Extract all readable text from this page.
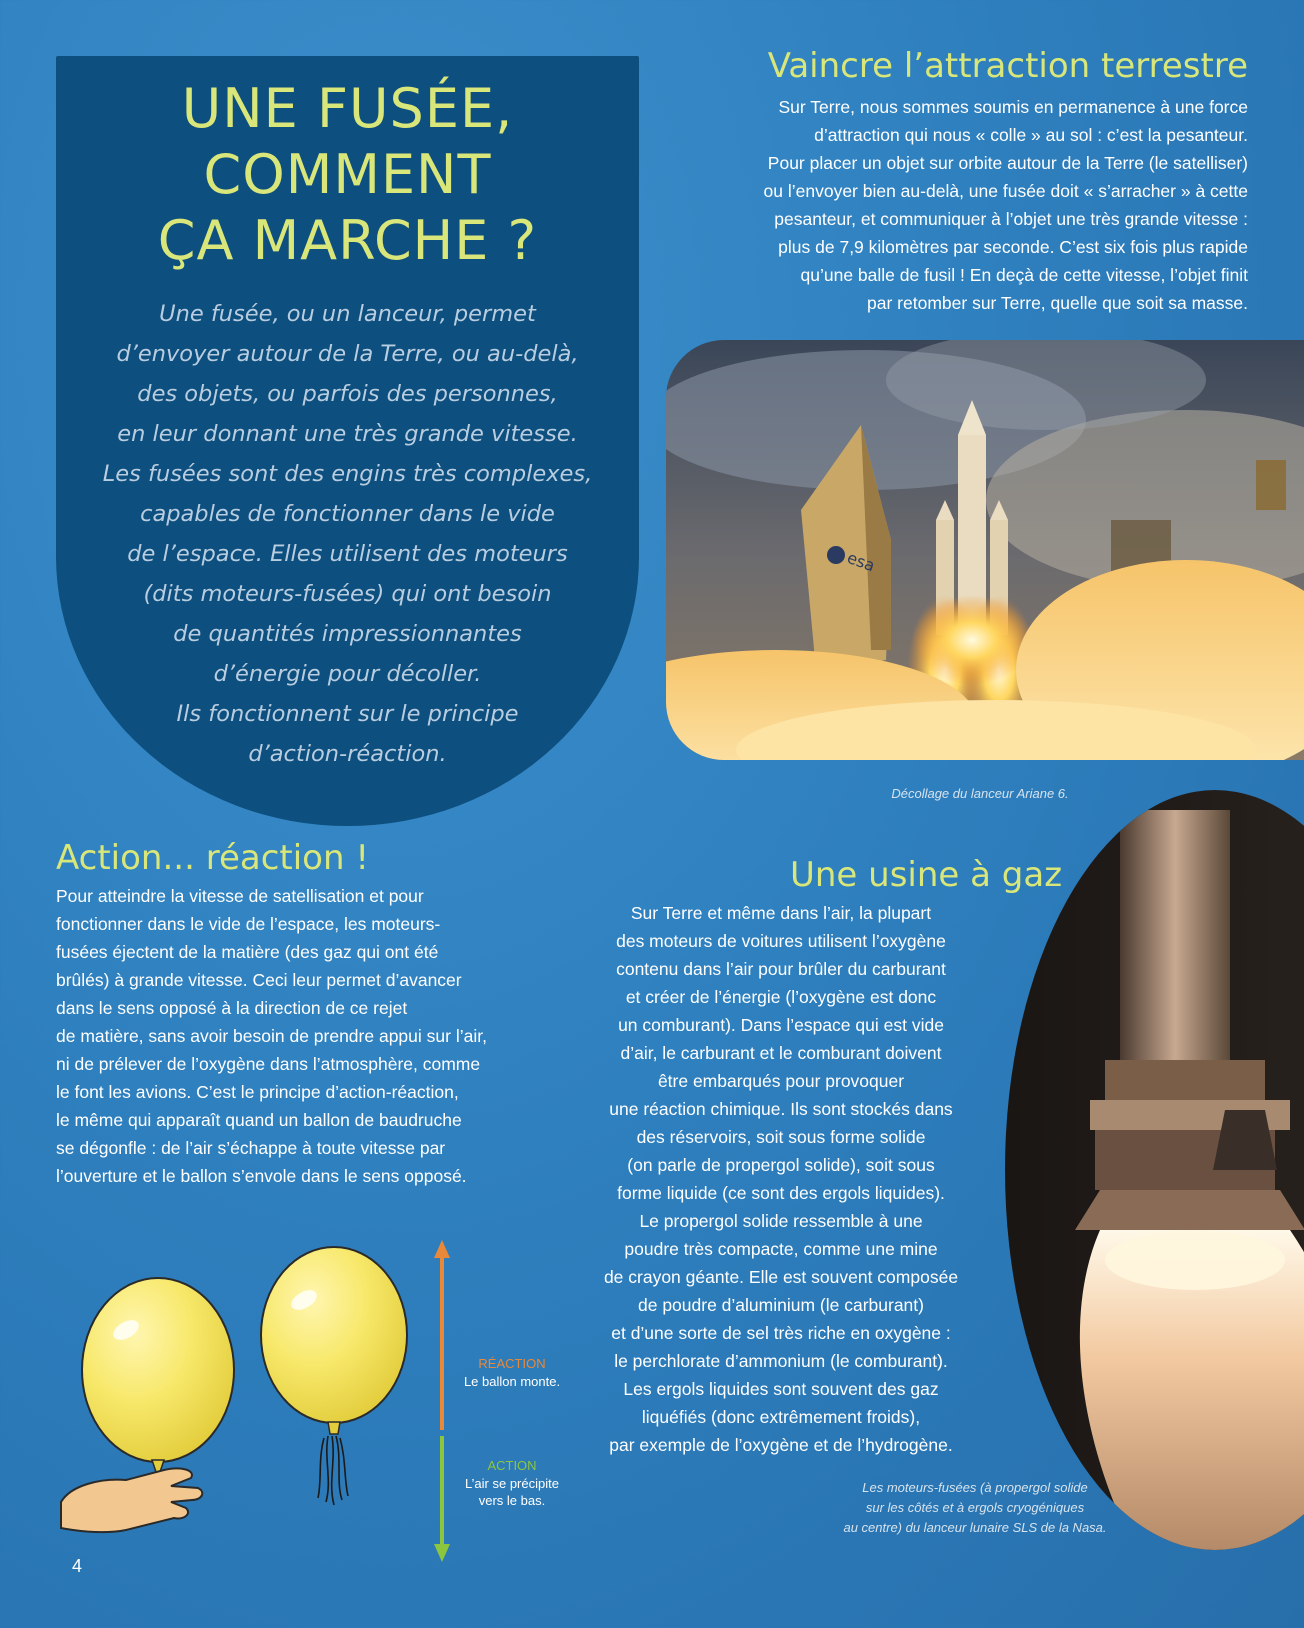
UNE FUSÉE,
COMMENT
ÇA MARCHE ?
Une fusée, ou un lanceur, permet
d’envoyer autour de la Terre, ou au-delà,
des objets, ou parfois des personnes,
en leur donnant une très grande vitesse.
Les fusées sont des engins très complexes,
capables de fonctionner dans le vide
de l’espace. Elles utilisent des moteurs
(dits moteurs-fusées) qui ont besoin
de quantités impressionnantes
d’énergie pour décoller.
Ils fonctionnent sur le principe
d’action-réaction.
Vaincre l’attraction terrestre
Sur Terre, nous sommes soumis en permanence à une force
d’attraction qui nous « colle » au sol : c’est la pesanteur.
Pour placer un objet sur orbite autour de la Terre (le satelliser)
ou l’envoyer bien au-delà, une fusée doit « s’arracher » à cette
pesanteur, et communiquer à l’objet une très grande vitesse :
plus de 7,9 kilomètres par seconde. C’est six fois plus rapide
qu’une balle de fusil ! En deçà de cette vitesse, l’objet finit
par retomber sur Terre, quelle que soit sa masse.
esa
Décollage du lanceur Ariane 6.
Action... réaction !
Pour atteindre la vitesse de satellisation et pour
fonctionner dans le vide de l’espace, les moteurs-
fusées éjectent de la matière (des gaz qui ont été
brûlés) à grande vitesse. Ceci leur permet d’avancer
dans le sens opposé à la direction de ce rejet
de matière, sans avoir besoin de prendre appui sur l’air,
ni de prélever de l’oxygène dans l’atmosphère, comme
le font les avions. C’est le principe d’action-réaction,
le même qui apparaît quand un ballon de baudruche
se dégonfle : de l’air s’échappe à toute vitesse par
l’ouverture et le ballon s’envole dans le sens opposé.
RÉACTION
Le ballon monte.
ACTION
L’air se précipite
vers le bas.
Une usine à gaz
Sur Terre et même dans l’air, la plupart
des moteurs de voitures utilisent l’oxygène
contenu dans l’air pour brûler du carburant
et créer de l’énergie (l’oxygène est donc
un comburant). Dans l’espace qui est vide
d’air, le carburant et le comburant doivent
être embarqués pour provoquer
une réaction chimique. Ils sont stockés dans
des réservoirs, soit sous forme solide
(on parle de propergol solide), soit sous
forme liquide (ce sont des ergols liquides).
Le propergol solide ressemble à une
poudre très compacte, comme une mine
de crayon géante. Elle est souvent composée
de poudre d’aluminium (le carburant)
et d’une sorte de sel très riche en oxygène :
le perchlorate d’ammonium (le comburant).
Les ergols liquides sont souvent des gaz
liquéfiés (donc extrêmement froids),
par exemple de l’oxygène et de l’hydrogène.
Les moteurs-fusées (à propergol solide
sur les côtés et à ergols cryogéniques
au centre) du lanceur lunaire SLS de la Nasa.
4
